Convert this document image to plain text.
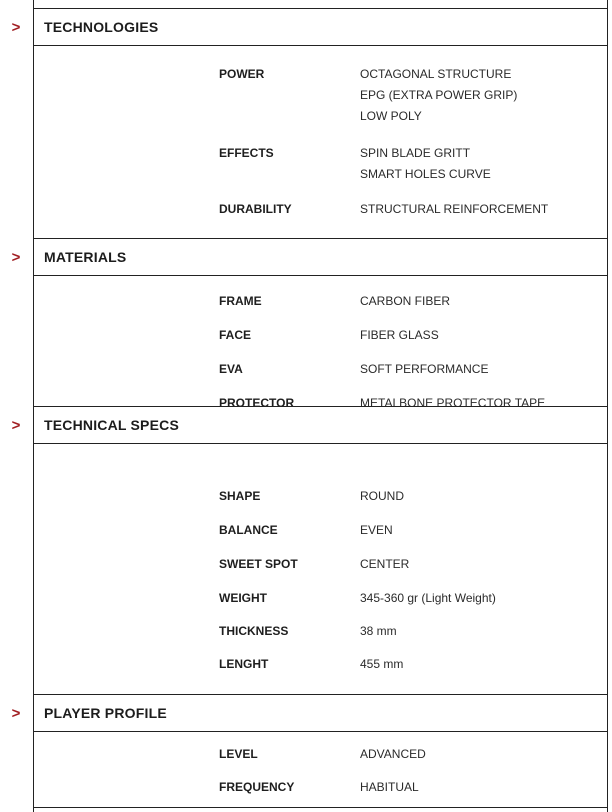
>	TECHNOLOGIES
POWER	OCTAGONAL STRUCTURE
EPG (EXTRA POWER GRIP)
LOW POLY
EFFECTS	SPIN BLADE GRITT
SMART HOLES CURVE
DURABILITY	STRUCTURAL REINFORCEMENT
>	MATERIALS
FRAME	CARBON FIBER
FACE	FIBER GLASS
EVA	SOFT PERFORMANCE
PROTECTOR	METALBONE PROTECTOR TAPE
>	TECHNICAL SPECS
SHAPE	ROUND
BALANCE	EVEN
SWEET SPOT	CENTER
WEIGHT	345-360 gr (Light Weight)
THICKNESS	38 mm
LENGHT	455 mm
>	PLAYER PROFILE
LEVEL	ADVANCED
FREQUENCY	HABITUAL
